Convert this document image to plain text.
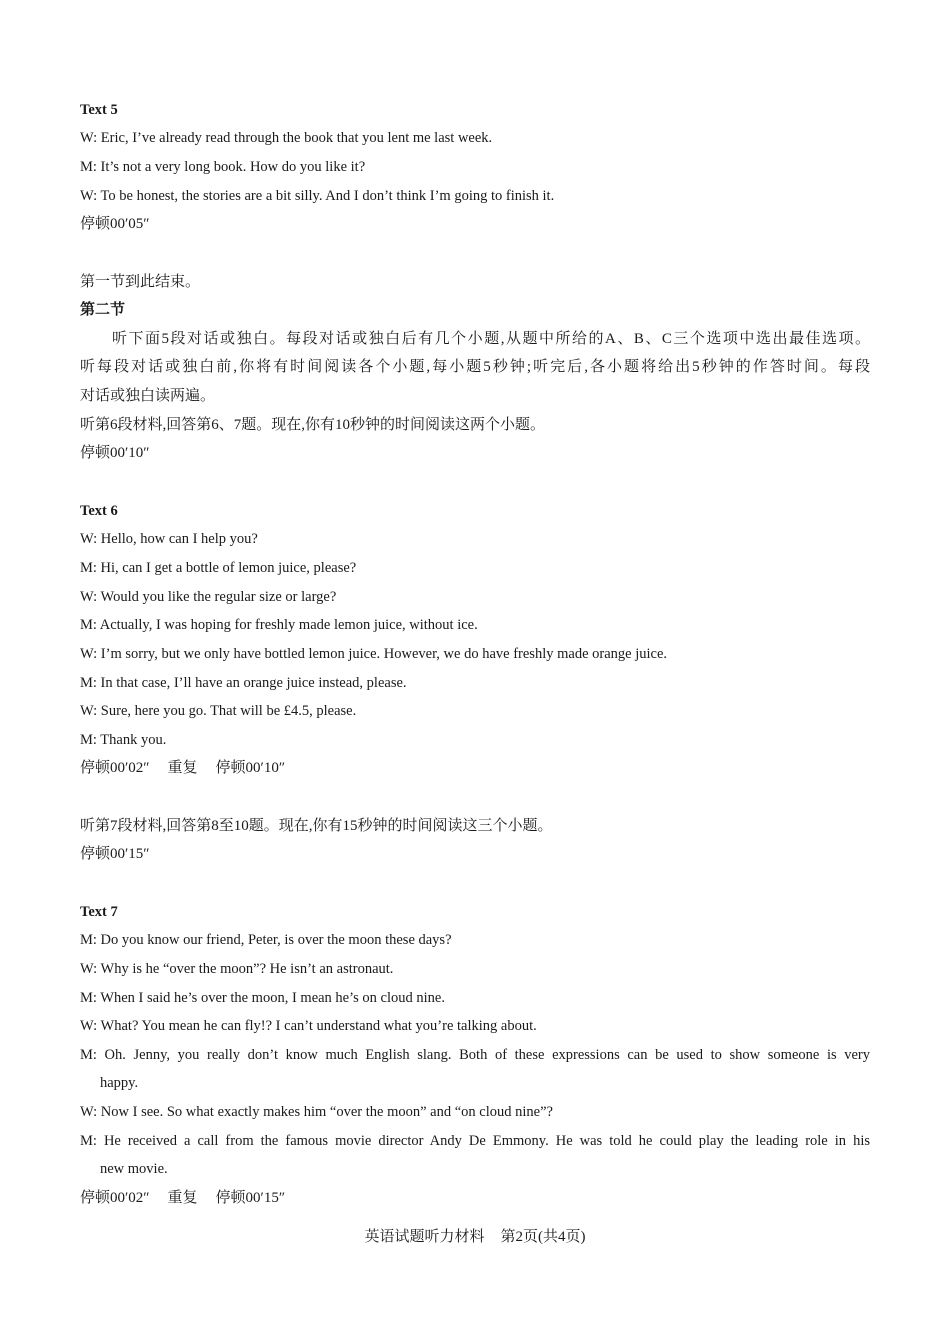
Text 5
W: Eric, I’ve already read through the book that you lent me last week.
M: It’s not a very long book. How do you like it?
W: To be honest, the stories are a bit silly. And I don’t think I’m going to finish it.
停顿00′05″
第一节到此结束。
第二节
听下面5段对话或独白。每段对话或独白后有几个小题,从题中所给的A、B、C三个选项中选出最佳选项。
听每段对话或独白前,你将有时间阅读各个小题,每小题5秒钟;听完后,各小题将给出5秒钟的作答时间。每段
对话或独白读两遍。
听第6段材料,回答第6、7题。现在,你有10秒钟的时间阅读这两个小题。
停顿00′10″
Text 6
W: Hello, how can I help you?
M: Hi, can I get a bottle of lemon juice, please?
W: Would you like the regular size or large?
M: Actually, I was hoping for freshly made lemon juice, without ice.
W: I’m sorry, but we only have bottled lemon juice. However, we do have freshly made orange juice.
M: In that case, I’ll have an orange juice instead, please.
W: Sure, here you go. That will be £4.5, please.
M: Thank you.
停顿00′02″ 重复 停顿00′10″
听第7段材料,回答第8至10题。现在,你有15秒钟的时间阅读这三个小题。
停顿00′15″
Text 7
M: Do you know our friend, Peter, is over the moon these days?
W: Why is he “over the moon”? He isn’t an astronaut.
M: When I said he’s over the moon, I mean he’s on cloud nine.
W: What? You mean he can fly!? I can’t understand what you’re talking about.
M: Oh. Jenny, you really don’t know much English slang. Both of these expressions can be used to show someone is very
happy.
W: Now I see. So what exactly makes him “over the moon” and “on cloud nine”?
M: He received a call from the famous movie director Andy De Emmony. He was told he could play the leading role in his
new movie.
停顿00′02″ 重复 停顿00′15″
英语试题听力材料 第2页(共4页)
